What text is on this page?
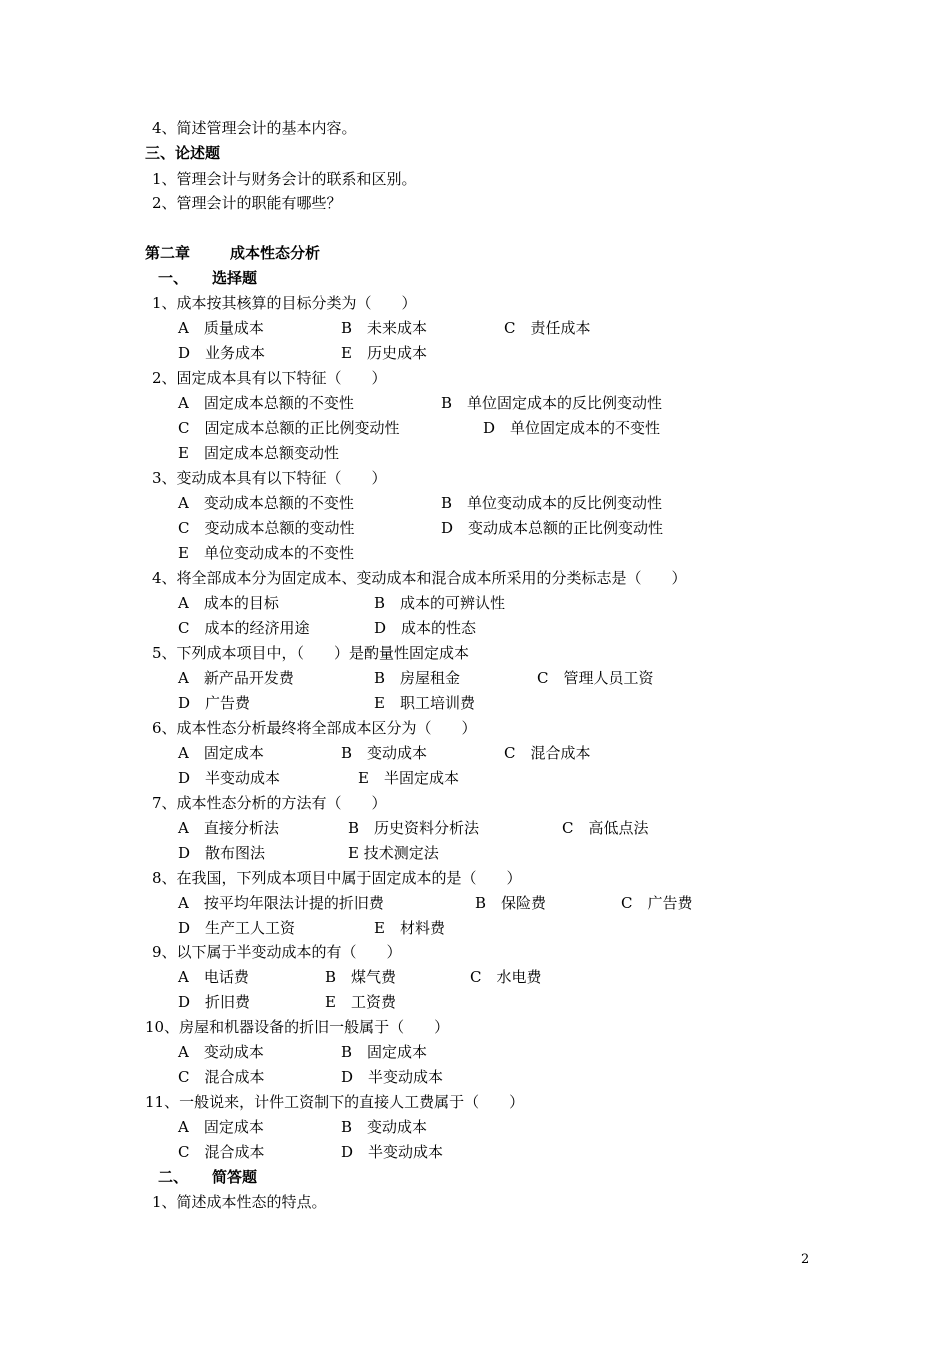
4、简述管理会计的基本内容。
三、论述题
1、管理会计与财务会计的联系和区别。
2、管理会计的职能有哪些？
第二章	成本性态分析
一、 选择题
1、成本按其核算的目标分类为（　　）
A　质量成本	B　未来成本	C　责任成本
D　业务成本	E　历史成本
2、固定成本具有以下特征（　　）
A　固定成本总额的不变性	B　单位固定成本的反比例变动性
C　固定成本总额的正比例变动性	D　单位固定成本的不变性
E　固定成本总额变动性
3、变动成本具有以下特征（　　）
A　变动成本总额的不变性	B　单位变动成本的反比例变动性
C　变动成本总额的变动性	D　变动成本总额的正比例变动性
E　单位变动成本的不变性
4、将全部成本分为固定成本、变动成本和混合成本所采用的分类标志是（　　）
A　成本的目标	B　成本的可辨认性
C　成本的经济用途	D　成本的性态
5、下列成本项目中，（　　）是酌量性固定成本
A　新产品开发费	B　房屋租金	C　管理人员工资
D　广告费	E　职工培训费
6、成本性态分析最终将全部成本区分为（　　）
A　固定成本	B　变动成本	C　混合成本
D　半变动成本	E　半固定成本
7、成本性态分析的方法有（　　）
A　直接分析法	B　历史资料分析法	C　高低点法
D　散布图法	E 技术测定法
8、在我国，下列成本项目中属于固定成本的是（　　）
A　按平均年限法计提的折旧费	B　保险费	C　广告费
D　生产工人工资	E　材料费
9、以下属于半变动成本的有（　　）
A　电话费	B　煤气费	C　水电费
D　折旧费	E　工资费
10、房屋和机器设备的折旧一般属于（　　）
A　变动成本	B　固定成本
C　混合成本	D　半变动成本
11、一般说来，计件工资制下的直接人工费属于（　　）
A　固定成本	B　变动成本
C　混合成本	D　半变动成本
二、 简答题
1、简述成本性态的特点。
2
